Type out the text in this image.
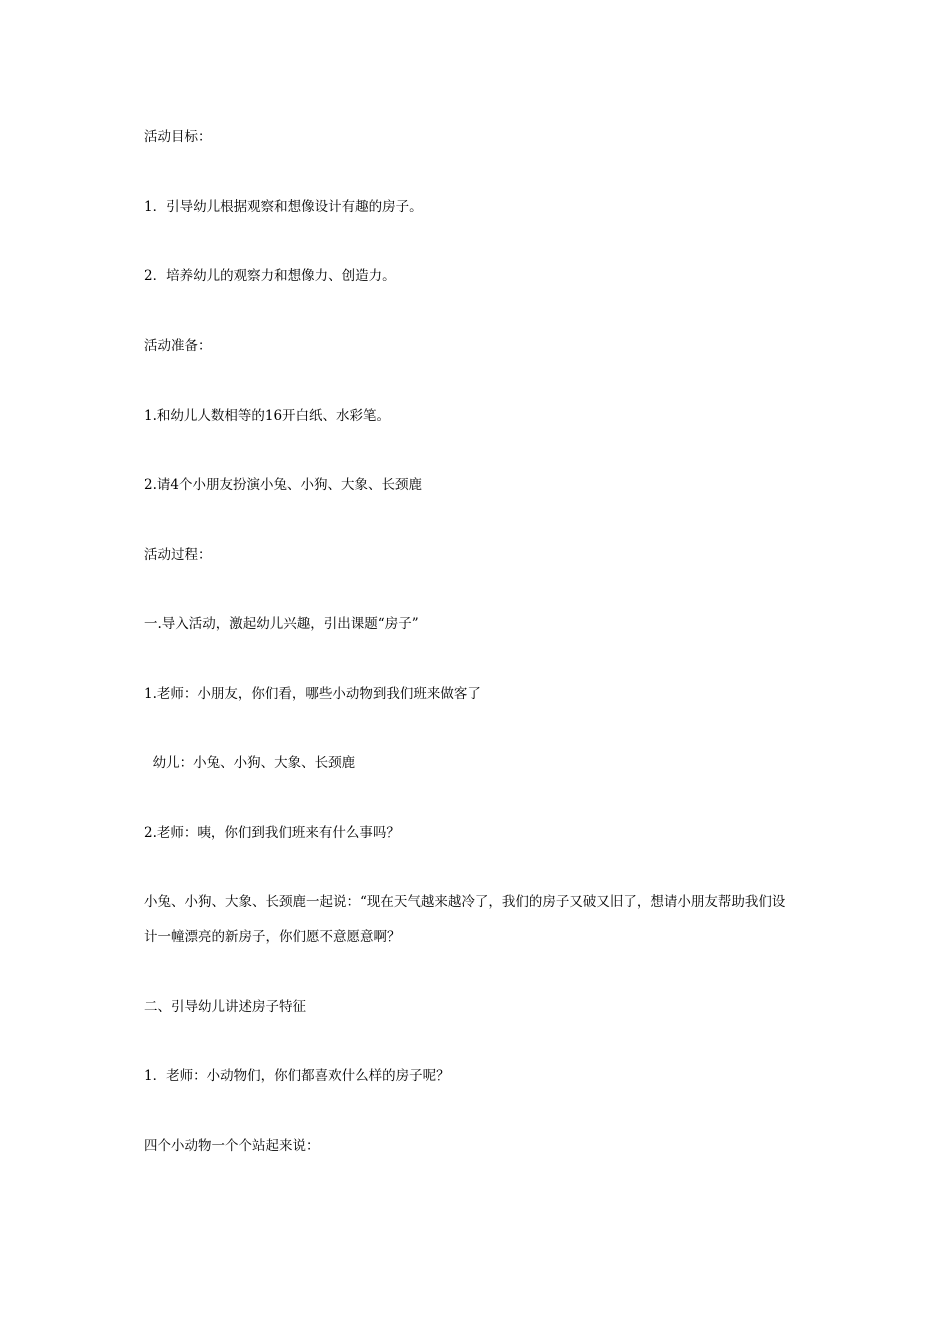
活动目标：
1．引导幼儿根据观察和想像设计有趣的房子。
2．培养幼儿的观察力和想像力、创造力。
活动准备：
1.和幼儿人数相等的16开白纸、水彩笔。
2.请4个小朋友扮演小兔、小狗、大象、长颈鹿
活动过程：
一.导入活动，激起幼儿兴趣，引出课题“房子”
1.老师：小朋友，你们看，哪些小动物到我们班来做客了
幼儿：小兔、小狗、大象、长颈鹿
2.老师：咦，你们到我们班来有什么事吗？
小兔、小狗、大象、长颈鹿一起说：“现在天气越来越冷了，我们的房子又破又旧了，想请小朋友帮助我们设
计一幢漂亮的新房子，你们愿不意愿意啊？
二、引导幼儿讲述房子特征
1．老师：小动物们，你们都喜欢什么样的房子呢？
四个小动物一个个站起来说：
